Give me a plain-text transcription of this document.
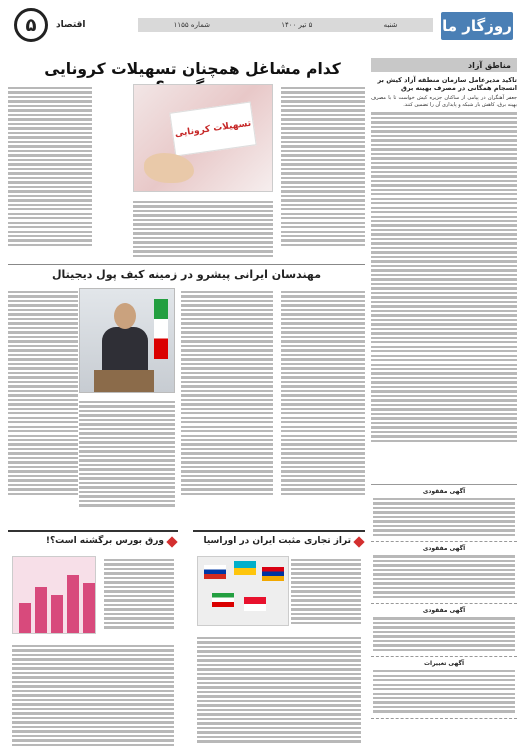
روزگار ما
شنبه
۵ تیر ۱۴۰۰
شماره ۱۱۵۵
اقتصاد
۵
مناطق آزاد
تاکید مدیرعامل سازمان منطقه آزاد کیش بر انسجام همگانی در مصرف بهینه برق
جعفر آهنگران در پیامی از ساکنان جزیره کیش خواست تا با مصرف بهینه برق، کاهش بار شبکه و پایداری آن را تضمین کنند.
آگهی مفقودی
آگهی مفقودی
آگهی مفقودی
آگهی تغییرات
کدام مشاغل همچنان تسهیلات کرونایی
تسهیلات کرونایی
مهندسان ایرانی پیشرو در زمینه کیف پول دیجیتال
تراز تجاری مثبت ایران در اوراسیا
ورق بورس برگشته است؟!
